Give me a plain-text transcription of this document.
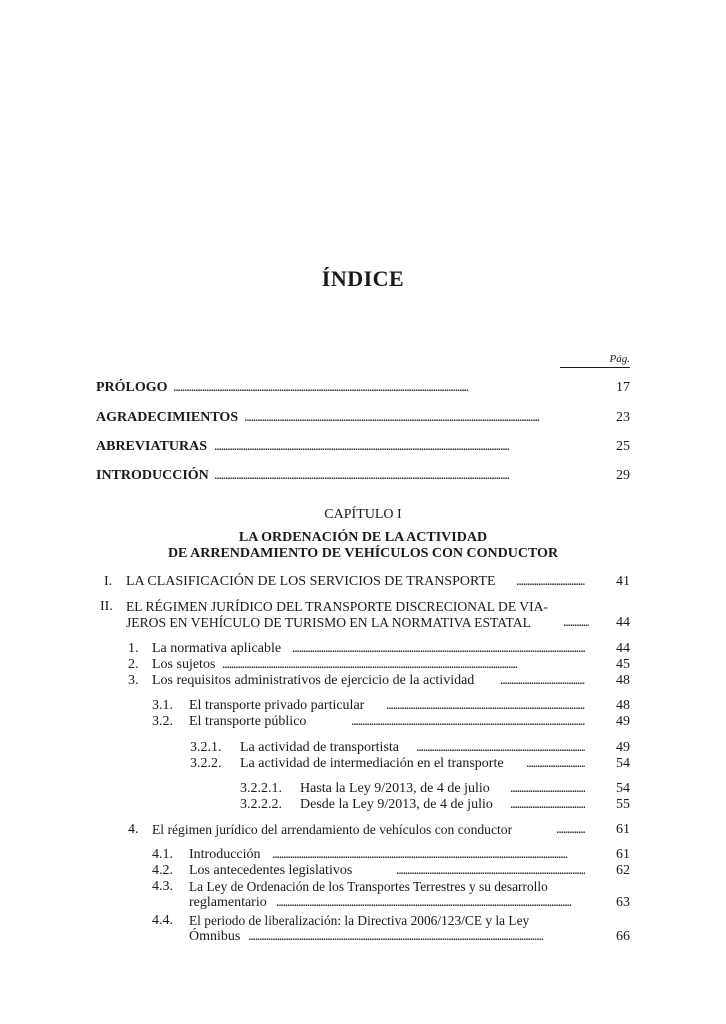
ÍNDICE
Pág.
PRÓLOGO . . .	17
AGRADECIMIENTOS . . .	23
ABREVIATURAS . . .	25
INTRODUCCIÓN . . .	29
CAPÍTULO I
LA ORDENACIÓN DE LA ACTIVIDAD
DE ARRENDAMIENTO DE VEHÍCULOS CON CONDUCTOR
I. LA CLASIFICACIÓN DE LOS SERVICIOS DE TRANSPORTE . . .	41
II. EL RÉGIMEN JURÍDICO DEL TRANSPORTE DISCRECIONAL DE VIA-
JEROS EN VEHÍCULO DE TURISMO EN LA NORMATIVA ESTATAL . . .	44
1. La normativa aplicable . . .	44
2. Los sujetos . . .	45
3. Los requisitos administrativos de ejercicio de la actividad . . .	48
3.1. El transporte privado particular . . .	48
3.2. El transporte público . . .	49
3.2.1. La actividad de transportista . . .	49
3.2.2. La actividad de intermediación en el transporte . . .	54
3.2.2.1. Hasta la Ley 9/2013, de 4 de julio . . .	54
3.2.2.2. Desde la Ley 9/2013, de 4 de julio . . .	55
4. El régimen jurídico del arrendamiento de vehículos con conductor . . .	61
4.1. Introducción . . .	61
4.2. Los antecedentes legislativos . . .	62
4.3. La Ley de Ordenación de los Transportes Terrestres y su desarrollo
reglamentario . . .	63
4.4. El periodo de liberalización: la Directiva 2006/123/CE y la Ley
Ómnibus . . .	66
